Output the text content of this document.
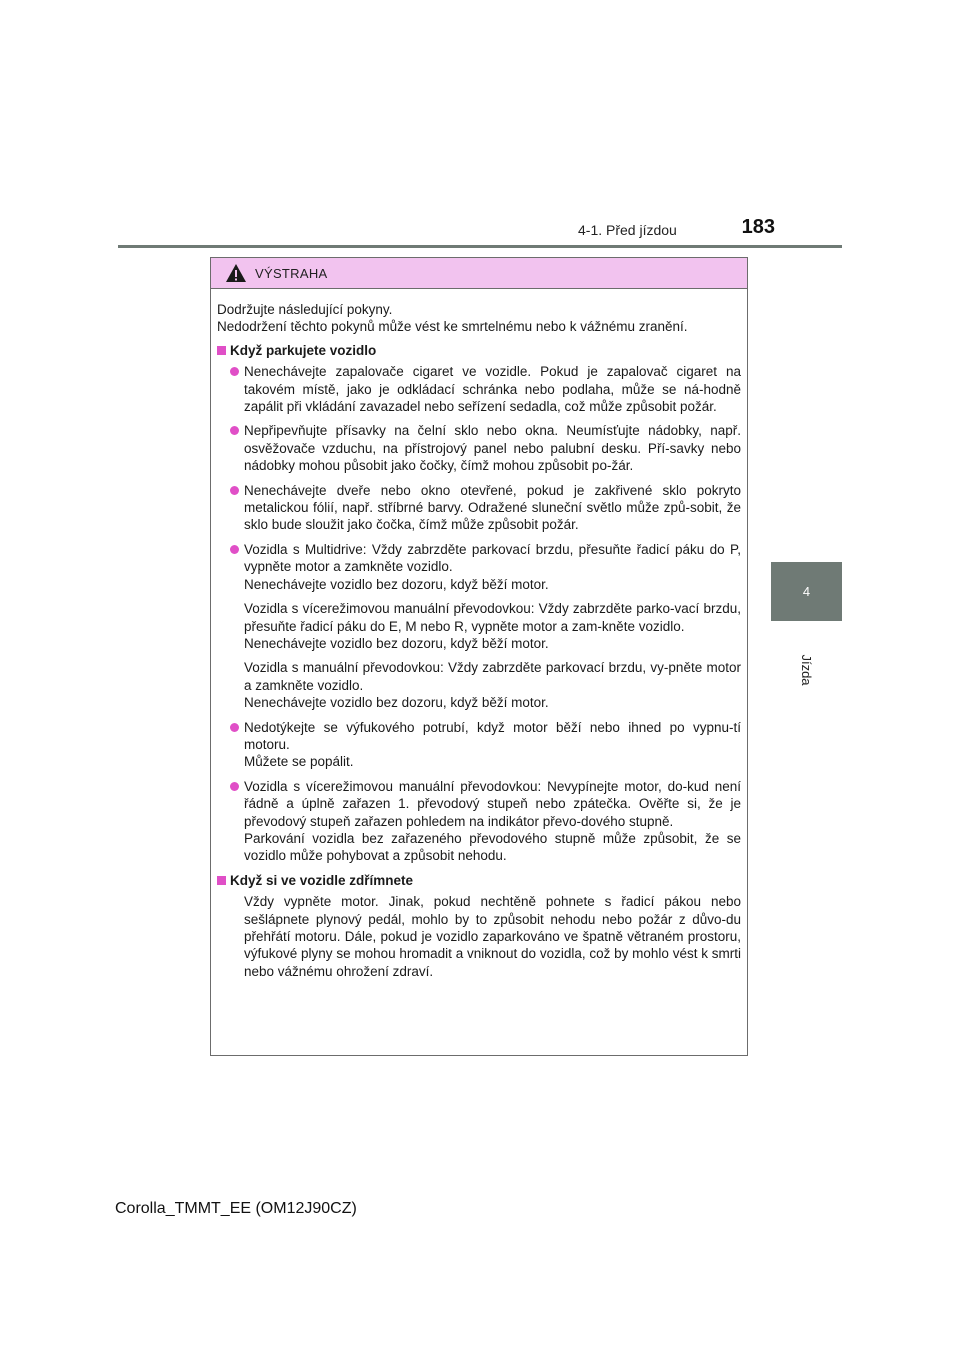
4-1. Před jízdou	183
4
Jízda
VÝSTRAHA

Dodržujte následující pokyny.

Nedodržení těchto pokynů může vést ke smrtelnému nebo k vážnému zranění.

Když parkujete vozidlo

Nenechávejte zapalovače cigaret ve vozidle. Pokud je zapalovač cigaret na takovém místě, jako je odkládací schránka nebo podlaha, může se ná-hodně zapálit při vkládání zavazadel nebo seřízení sedadla, což může způsobit požár.

Nepřipevňujte přísavky na čelní sklo nebo okna. Neumísťujte nádobky, např. osvěžovače vzduchu, na přístrojový panel nebo palubní desku. Pří-savky nebo nádobky mohou působit jako čočky, čímž mohou způsobit po-žár.

Nenechávejte dveře nebo okno otevřené, pokud je zakřivené sklo pokryto metalickou fólií, např. stříbrné barvy. Odražené sluneční světlo může způ-sobit, že sklo bude sloužit jako čočka, čímž může způsobit požár.

Vozidla s Multidrive: Vždy zabrzděte parkovací brzdu, přesuňte řadicí páku do P, vypněte motor a zamkněte vozidlo.

Nenechávejte vozidlo bez dozoru, když běží motor.

Vozidla s vícerežimovou manuální převodovkou: Vždy zabrzděte parko-vací brzdu, přesuňte řadicí páku do E, M nebo R, vypněte motor a zam-kněte vozidlo.

Nenechávejte vozidlo bez dozoru, když běží motor.

Vozidla s manuální převodovkou: Vždy zabrzděte parkovací brzdu, vy-pněte motor a zamkněte vozidlo.

Nenechávejte vozidlo bez dozoru, když běží motor.

Nedotýkejte se výfukového potrubí, když motor běží nebo ihned po vypnu-tí motoru.

Můžete se popálit.

Vozidla s vícerežimovou manuální převodovkou: Nevypínejte motor, do-kud není řádně a úplně zařazen 1. převodový stupeň nebo zpátečka. Ověřte si, že je převodový stupeň zařazen pohledem na indikátor převo-dového stupně.

Parkování vozidla bez zařazeného převodového stupně může způsobit, že se vozidlo může pohybovat a způsobit nehodu.

Když si ve vozidle zdřímnete

Vždy vypněte motor. Jinak, pokud nechtěně pohnete s řadicí pákou nebo sešlápnete plynový pedál, mohlo by to způsobit nehodu nebo požár z důvo-du přehřátí motoru. Dále, pokud je vozidlo zaparkováno ve špatně větraném prostoru, výfukové plyny se mohou hromadit a vniknout do vozidla, což by mohlo vést k smrti nebo vážnému ohrožení zdraví.

Corolla_TMMT_EE (OM12J90CZ)
